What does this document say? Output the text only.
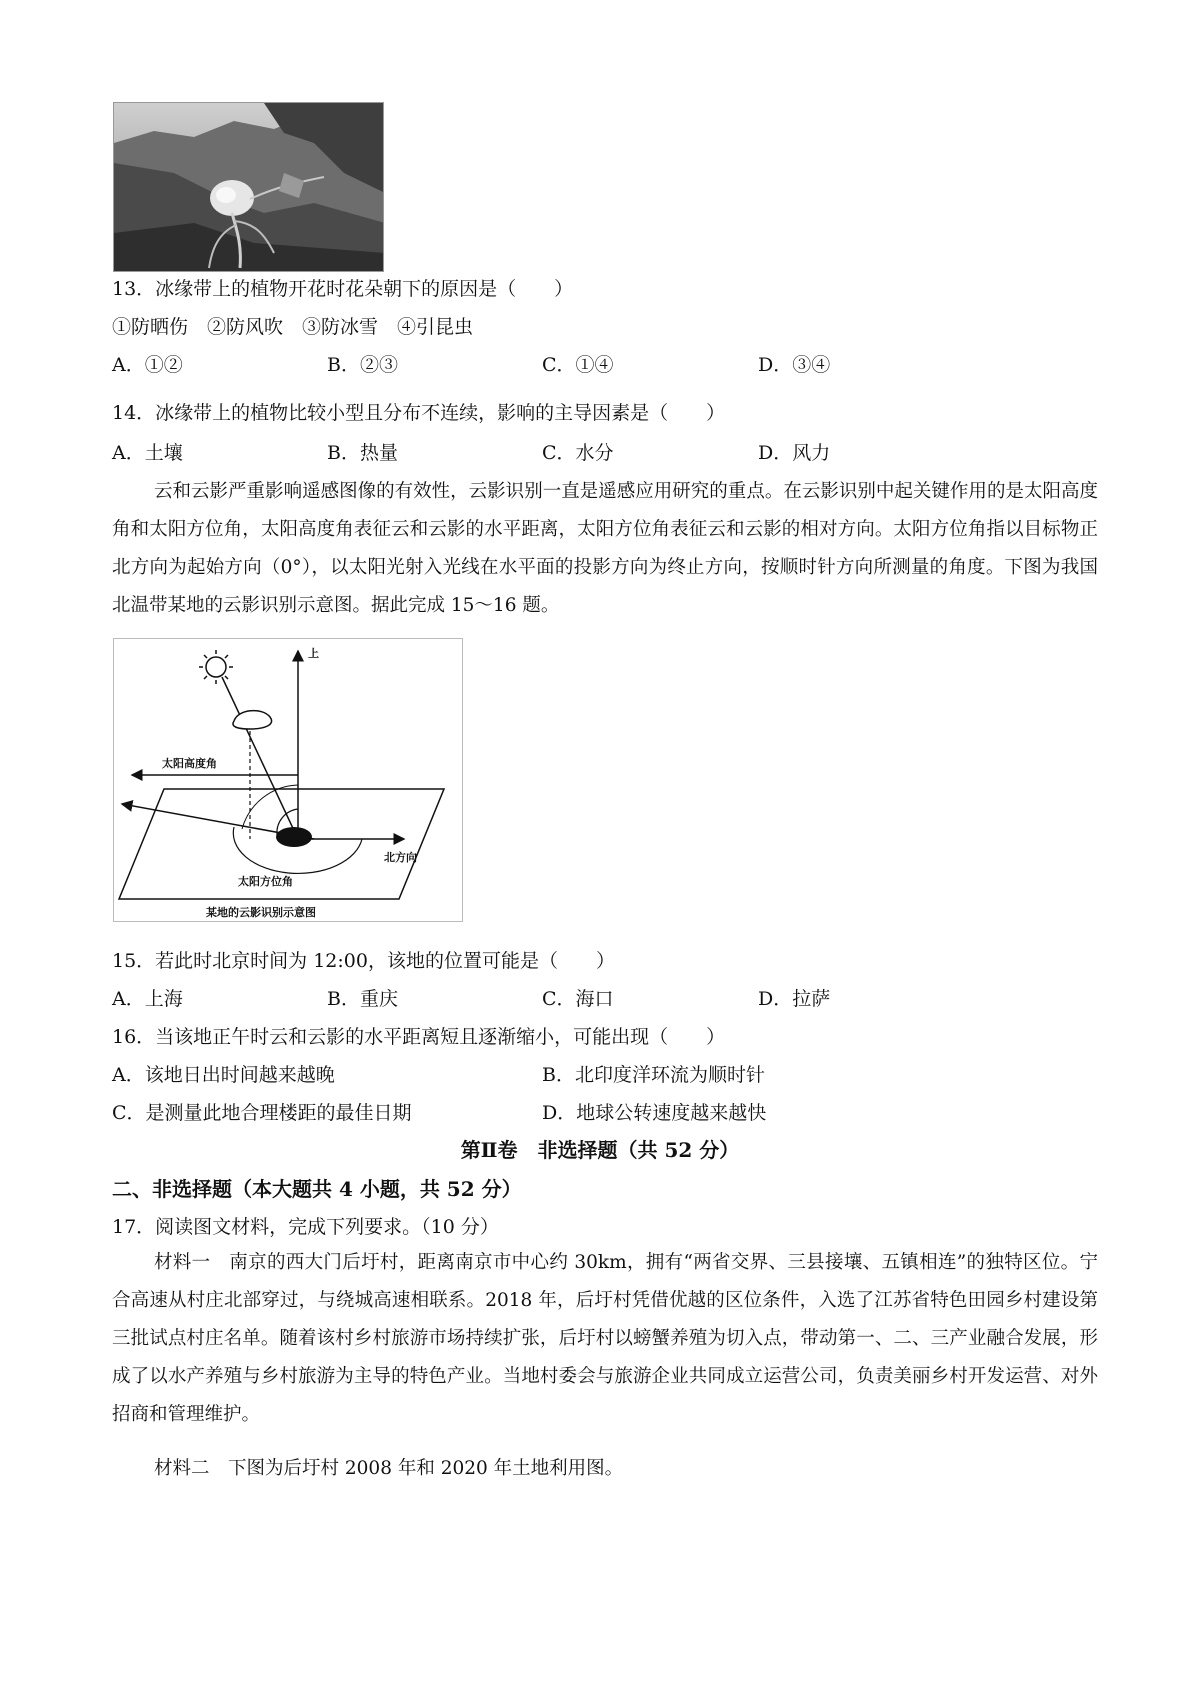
13．冰缘带上的植物开花时花朵朝下的原因是（　　）
①防晒伤　②防风吹　③防冰雪　④引昆虫
A．①②	B．②③	C．①④	D．③④
14．冰缘带上的植物比较小型且分布不连续，影响的主导因素是（　　）
A．土壤	B．热量	C．水分	D．风力

云和云影严重影响遥感图像的有效性，云影识别一直是遥感应用研究的重点。在云影识别中起关键作用的是太阳高度角和太阳方位角，太阳高度角表征云和云影的水平距离，太阳方位角表征云和云影的相对方向。太阳方位角指以目标物正北方向为起始方向（0°），以太阳光射入光线在水平面的投影方向为终止方向，按顺时针方向所测量的角度。下图为我国北温带某地的云影识别示意图。据此完成 15～16 题。

上
太阳高度角
北方向
太阳方位角
某地的云影识别示意图
15．若此时北京时间为 12:00，该地的位置可能是（　　）
A．上海	B．重庆	C．海口	D．拉萨
16．当该地正午时云和云影的水平距离短且逐渐缩小，可能出现（　　）
A．该地日出时间越来越晚	B．北印度洋环流为顺时针
C．是测量此地合理楼距的最佳日期	D．地球公转速度越来越快
第Ⅱ卷　非选择题（共 52 分）
二、非选择题（本大题共 4 小题，共 52 分）
17．阅读图文材料，完成下列要求。（10 分）

材料一　南京的西大门后圩村，距离南京市中心约 30km，拥有“两省交界、三县接壤、五镇相连”的独特区位。宁合高速从村庄北部穿过，与绕城高速相联系。2018 年，后圩村凭借优越的区位条件，入选了江苏省特色田园乡村建设第三批试点村庄名单。随着该村乡村旅游市场持续扩张，后圩村以螃蟹养殖为切入点，带动第一、二、三产业融合发展，形成了以水产养殖与乡村旅游为主导的特色产业。当地村委会与旅游企业共同成立运营公司，负责美丽乡村开发运营、对外招商和管理维护。

材料二　下图为后圩村 2008 年和 2020 年土地利用图。
